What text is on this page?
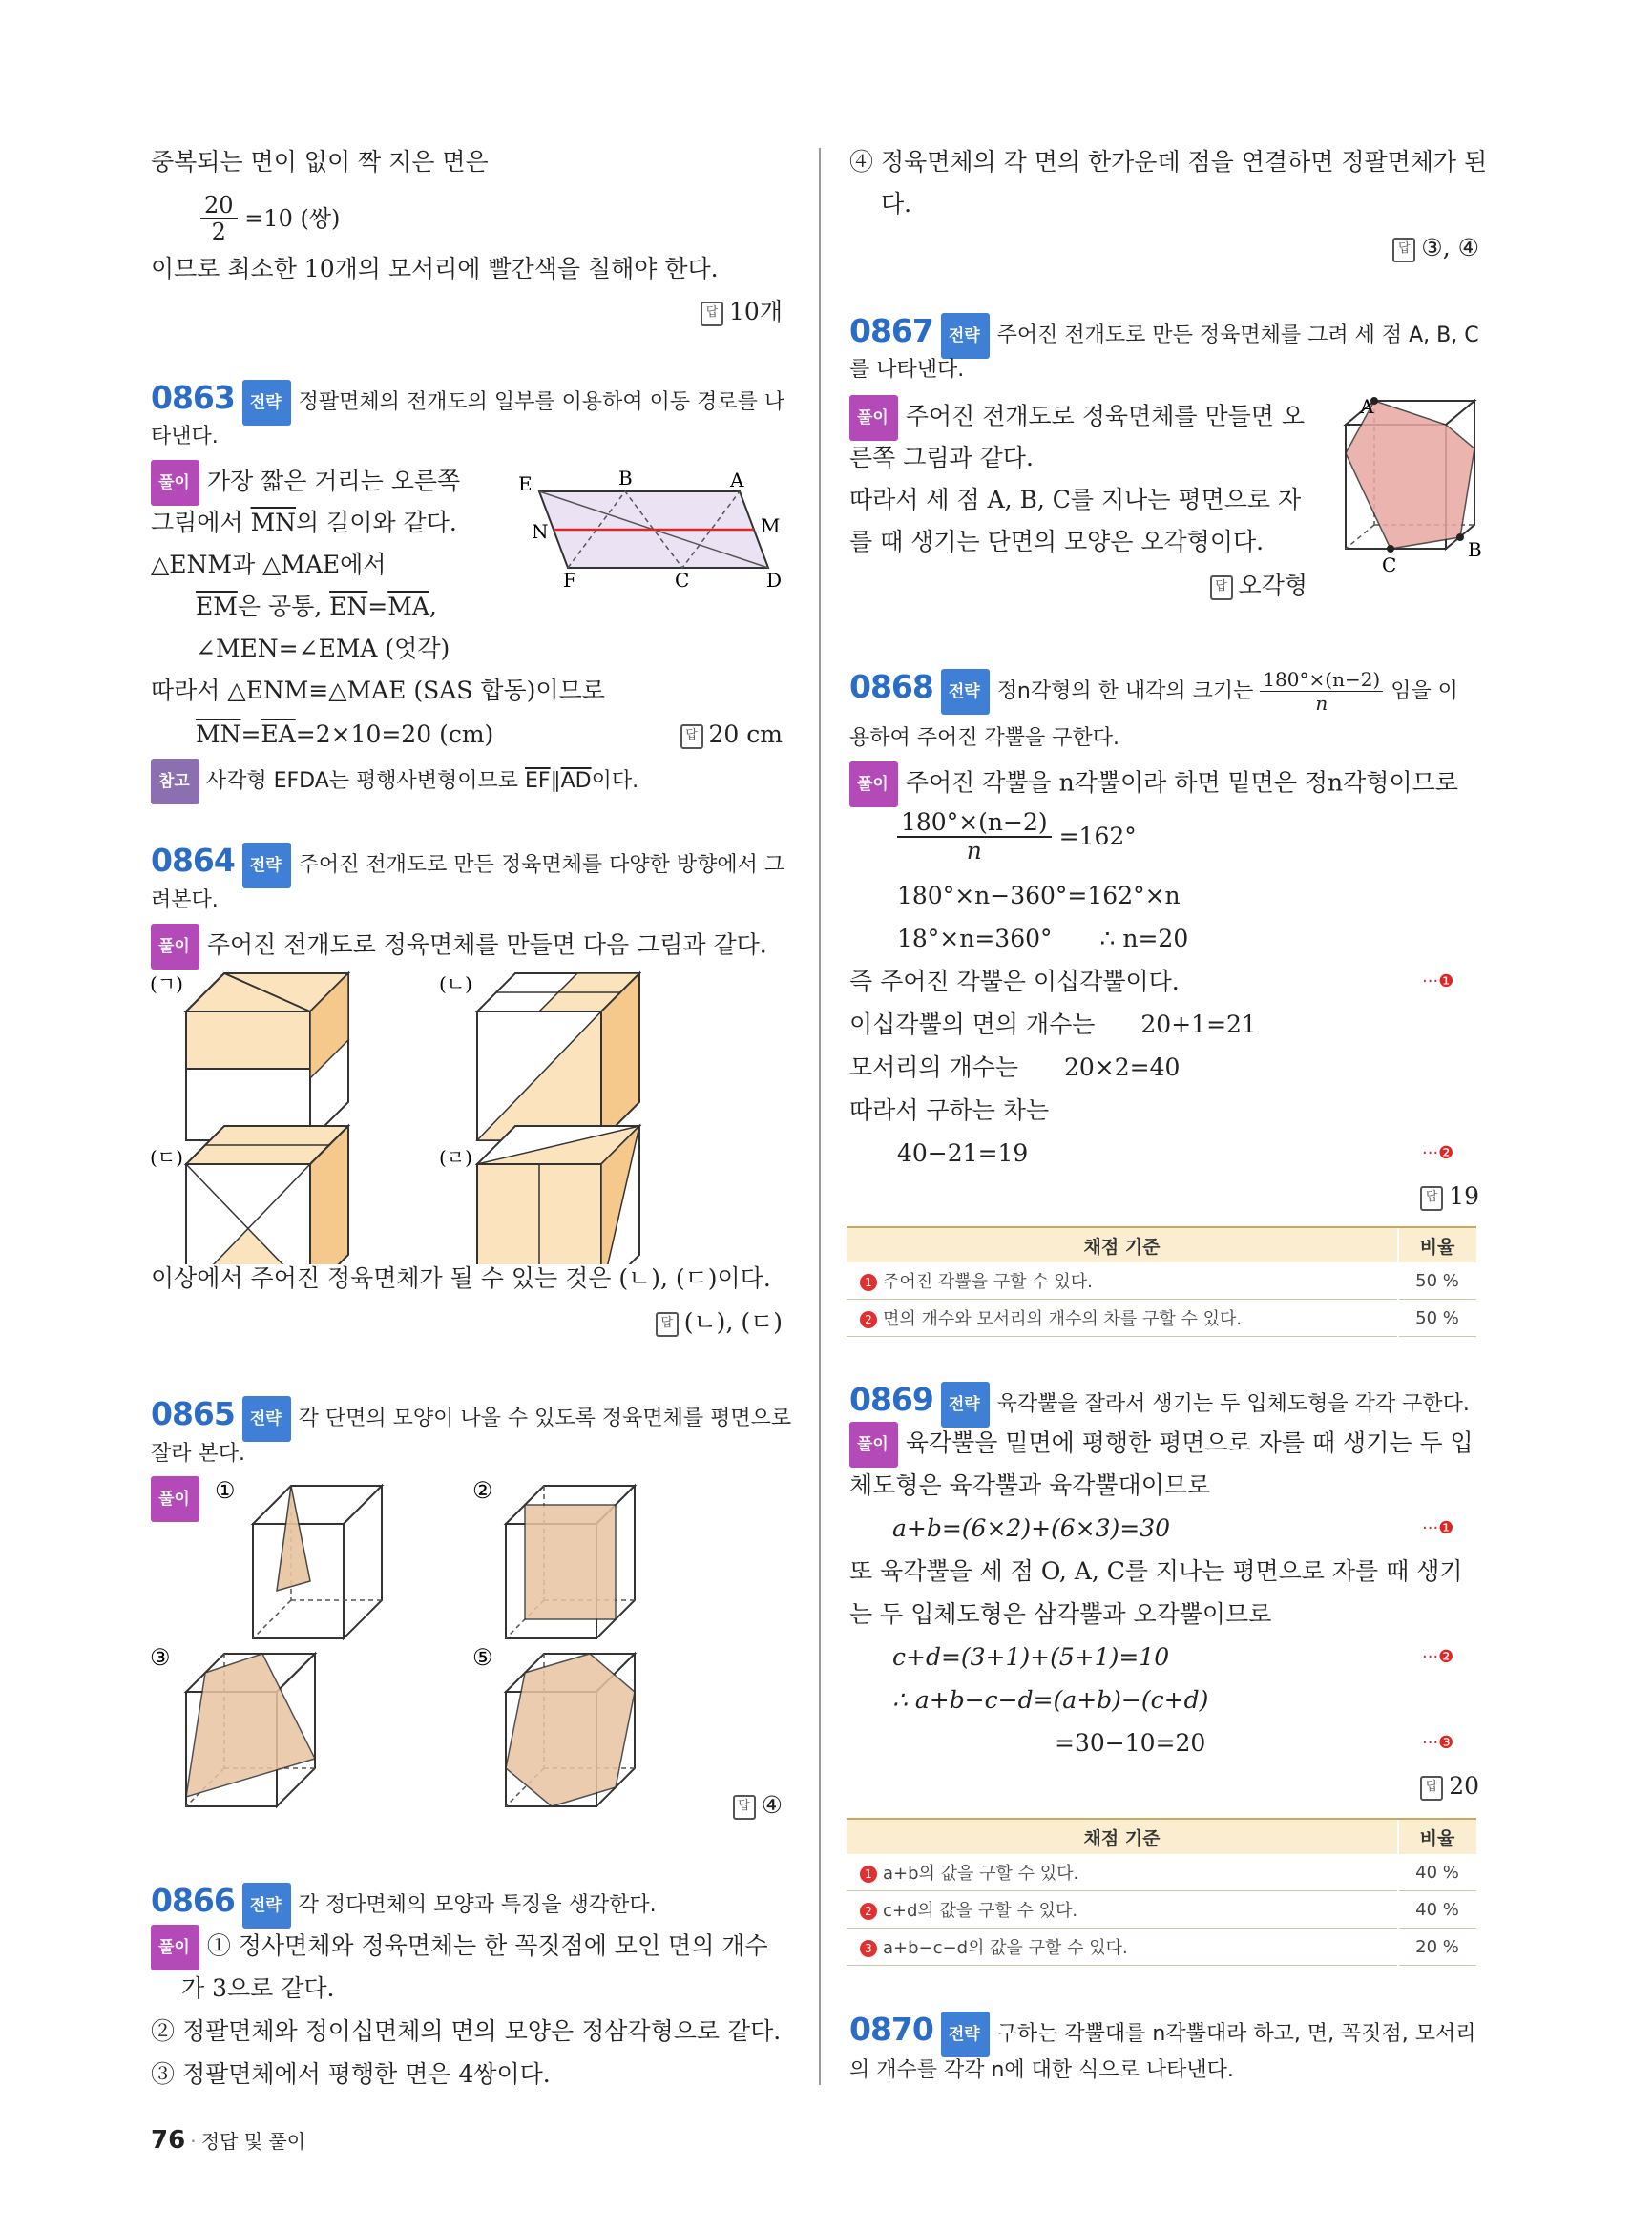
중복되는 면이 없이 짝 지은 면은
$\frac{20}{2} =10$ (쌍)
이므로 최소한 10개의 모서리에 빨간색을 칠해야 한다.
답 10개
0863 전략 정팔면체의 전개도의 일부를 이용하여 이동 경로를 나
타낸다.
풀이 가장 짧은 거리는 오른쪽
그림에서 $\overline{MN}$의 길이와 같다.
△ENM과 △MAE에서
$\overline{EM}$은 공통, $\overline{EN}=\overline{MA}$,
∠MEN=∠EMA (엇각)
따라서 △ENM≡△MAE (SAS 합동)이므로
$\overline{MN}=\overline{EA}=2\times 10=20$ (cm)	답 20 cm
참고 사각형 EFDA는 평행사변형이므로 $\overline{EF}\parallel\overline{AD}$이다.
E	B	A
N	M
F	C	D
0864 전략 주어진 전개도로 만든 정육면체를 다양한 방향에서 그
려본다.
풀이 주어진 전개도로 정육면체를 만들면 다음 그림과 같다.
(ㄱ)	(ㄴ)
(ㄷ)	(ㄹ)
이상에서 주어진 정육면체가 될 수 있는 것은 (ㄴ), (ㄷ)이다.
답 (ㄴ), (ㄷ)
0865 전략 각 단면의 모양이 나올 수 있도록 정육면체를 평면으로
잘라 본다.
풀이	①	②
③	⑤
답 ④
0866 전략 각 정다면체의 모양과 특징을 생각한다.
풀이 ① 정사면체와 정육면체는 한 꼭짓점에 모인 면의 개수
가 3으로 같다.
② 정팔면체와 정이십면체의 면의 모양은 정삼각형으로 같다.
③ 정팔면체에서 평행한 면은 4쌍이다.
④ 정육면체의 각 면의 한가운데 점을 연결하면 정팔면체가 된
다.
답 ③, ④
0867 전략 주어진 전개도로 만든 정육면체를 그려 세 점 A, B, C
를 나타낸다.
풀이 주어진 전개도로 정육면체를 만들면 오
른쪽 그림과 같다.
따라서 세 점 A, B, C를 지나는 평면으로 자
를 때 생기는 단면의 모양은 오각형이다.
답 오각형
A
B
C
0868 전략 정n각형의 한 내각의 크기는 $\frac{180^\circ\times(n-2)}{n}$ 임을 이
용하여 주어진 각뿔을 구한다.
풀이 주어진 각뿔을 n각뿔이라 하면 밑면은 정n각형이므로
$\frac{180^\circ\times(n-2)}{n} =162^\circ$
180°×n−360°=162°×n
18°×n=360° ∴ n=20
즉 주어진 각뿔은 이십각뿔이다.	···❶
이십각뿔의 면의 개수는 20+1=21
모서리의 개수는 20×2=40
따라서 구하는 차는
40−21=19	···❷
답 19
채점 기준	비율
1 주어진 각뿔을 구할 수 있다.	50 %
2 면의 개수와 모서리의 개수의 차를 구할 수 있다.	50 %
0869 전략 육각뿔을 잘라서 생기는 두 입체도형을 각각 구한다.
풀이 육각뿔을 밑면에 평행한 평면으로 자를 때 생기는 두 입
체도형은 육각뿔과 육각뿔대이므로
a+b=(6×2)+(6×3)=30	···❶
또 육각뿔을 세 점 O, A, C를 지나는 평면으로 자를 때 생기
는 두 입체도형은 삼각뿔과 오각뿔이므로
c+d=(3+1)+(5+1)=10	···❷
∴ a+b−c−d=(a+b)−(c+d)
=30−10=20	···❸
답 20
채점 기준	비율
1 a+b의 값을 구할 수 있다.	40 %
2 c+d의 값을 구할 수 있다.	40 %
3 a+b−c−d의 값을 구할 수 있다.	20 %
0870 전략 구하는 각뿔대를 n각뿔대라 하고, 면, 꼭짓점, 모서리
의 개수를 각각 n에 대한 식으로 나타낸다.
76 · 정답 및 풀이
